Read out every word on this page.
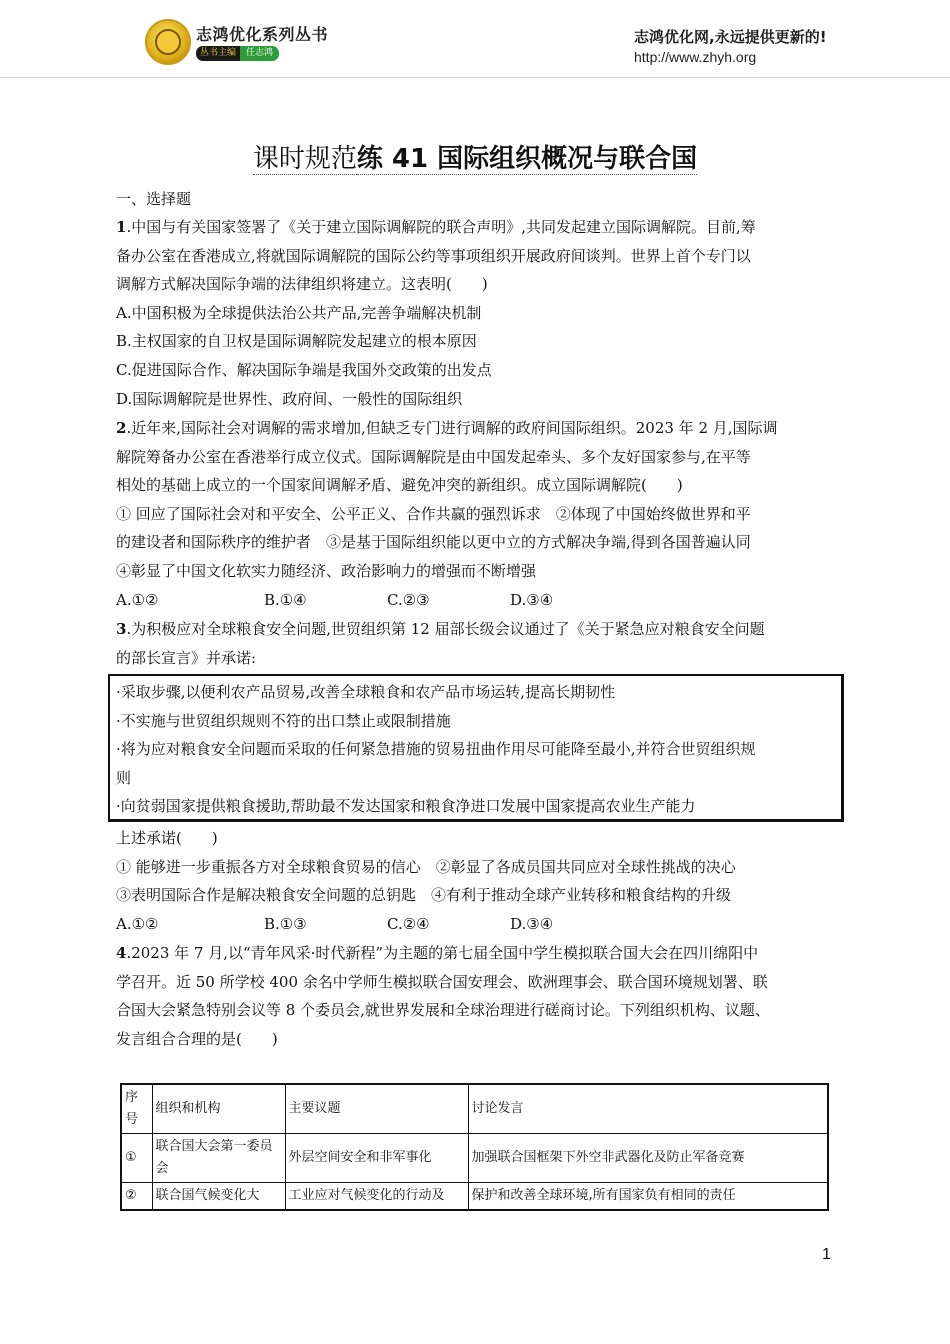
志鸿优化系列丛书
丛书主编	任志鸿
志鸿优化网,永远提供更新的!
http://www.zhyh.org
课时规范练 41 国际组织概况与联合国
一、选择题
1.中国与有关国家签署了《关于建立国际调解院的联合声明》,共同发起建立国际调解院。目前,筹
备办公室在香港成立,将就国际调解院的国际公约等事项组织开展政府间谈判。世界上首个专门以
调解方式解决国际争端的法律组织将建立。这表明(　　)
A.中国积极为全球提供法治公共产品,完善争端解决机制
B.主权国家的自卫权是国际调解院发起建立的根本原因
C.促进国际合作、解决国际争端是我国外交政策的出发点
D.国际调解院是世界性、政府间、一般性的国际组织
2.近年来,国际社会对调解的需求增加,但缺乏专门进行调解的政府间国际组织。2023 年 2 月,国际调
解院筹备办公室在香港举行成立仪式。国际调解院是由中国发起牵头、多个友好国家参与,在平等
相处的基础上成立的一个国家间调解矛盾、避免冲突的新组织。成立国际调解院(　　)
① 回应了国际社会对和平安全、公平正义、合作共赢的强烈诉求　②体现了中国始终做世界和平
的建设者和国际秩序的维护者　③是基于国际组织能以更中立的方式解决争端,得到各国普遍认同
④彰显了中国文化软实力随经济、政治影响力的增强而不断增强
A.①②	B.①④	C.②③	D.③④
3.为积极应对全球粮食安全问题,世贸组织第 12 届部长级会议通过了《关于紧急应对粮食安全问题
的部长宣言》并承诺:
·采取步骤,以便利农产品贸易,改善全球粮食和农产品市场运转,提高长期韧性
·不实施与世贸组织规则不符的出口禁止或限制措施
·将为应对粮食安全问题而采取的任何紧急措施的贸易扭曲作用尽可能降至最小,并符合世贸组织规
则
·向贫弱国家提供粮食援助,帮助最不发达国家和粮食净进口发展中国家提高农业生产能力
上述承诺(　　)
① 能够进一步重振各方对全球粮食贸易的信心　②彰显了各成员国共同应对全球性挑战的决心
③表明国际合作是解决粮食安全问题的总钥匙　④有利于推动全球产业转移和粮食结构的升级
A.①②	B.①③	C.②④	D.③④
4.2023 年 7 月,以“青年风采·时代新程”为主题的第七届全国中学生模拟联合国大会在四川绵阳中
学召开。近 50 所学校 400 余名中学师生模拟联合国安理会、欧洲理事会、联合国环境规划署、联
合国大会紧急特别会议等 8 个委员会,就世界发展和全球治理进行磋商讨论。下列组织机构、议题、
发言组合合理的是(　　)
序号	组织和机构	主要议题	讨论发言
①	联合国大会第一委员会	外层空间安全和非军事化	加强联合国框架下外空非武器化及防止军备竞赛
②	联合国气候变化大	工业应对气候变化的行动及	保护和改善全球环境,所有国家负有相同的责任
1
